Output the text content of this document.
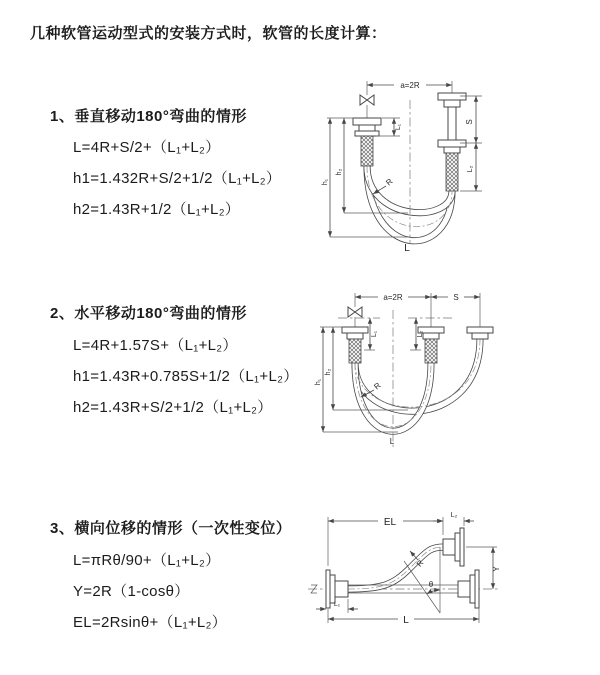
几种软管运动型式的安装方式时，软管的长度计算：
1、垂直移动180°弯曲的情形
L=4R+S/2+（L₁+L₂）
h1=1.432R+S/2+1/2（L₁+L₂）
h2=1.43R+1/2（L₁+L₂）
2、水平移动180°弯曲的情形
L=4R+1.57S+（L₁+L₂）
h1=1.43R+0.785S+1/2（L₁+L₂）
h2=1.43R+S/2+1/2（L₁+L₂）
3、横向位移的情形（一次性变位）
L=πRθ/90+（L₁+L₂）
Y=2R（1-cosθ）
EL=2Rsinθ+（L₁+L₂）
a=2R
S
L₂
L₁
h₁
h₂
R
L
a=2R	S
L₁	L₂
h₁
h₂
R
L
θ
EL
L₂
Y
L
L₁
R
